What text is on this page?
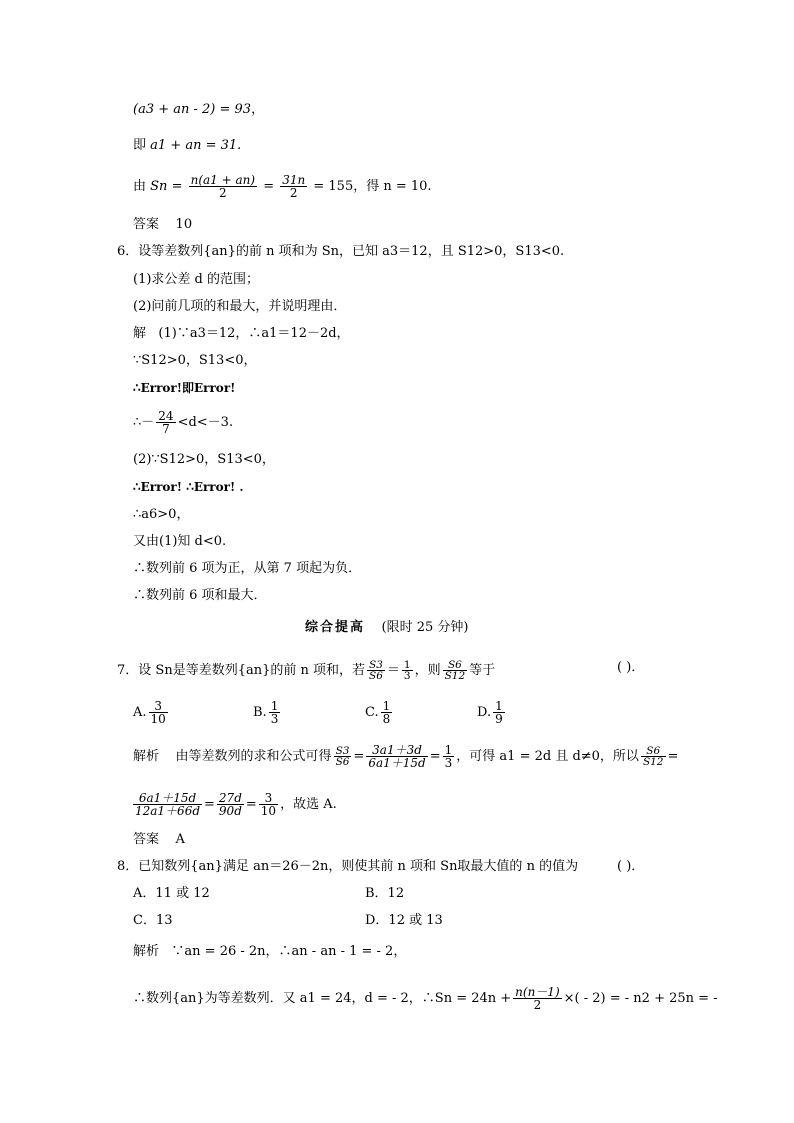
(a3 + an - 2) = 93，
即 a1 + an = 31.
由 $Sn = \frac{n(a1 + an)}{2} = \frac{31n}{2} = 155$，得 n = 10.
答案 10
6．设等差数列{an}的前 n 项和为 Sn，已知 a3＝12，且 S12>0，S13<0.
(1)求公差 d 的范围；
(2)问前几项的和最大，并说明理由．
解 (1)∵a3＝12，∴a1＝12－2d，
∵S12>0，S13<0，
∴Error!即Error!
∴－ $\frac{24}{7} <d<-3$.
(2)∵S12>0，S13<0，
∴Error! ∴Error! .
∴a6>0，
又由(1)知 d<0.
∴数列前 6 项为正，从第 7 项起为负．
∴数列前 6 项和最大．
综合提高 (限时 25 分钟)
7．设 Sn是等差数列{an}的前 n 项和，若 $\frac{S3}{S6} = \frac{1}{3}$ ，则 $\frac{S6}{S12}$ 等于	( )．
A. $\frac{3}{10}$	B. $\frac{1}{3}$	C. $\frac{1}{8}$	D. $\frac{1}{9}$
解析 由等差数列的求和公式可得 $\frac{S3}{S6} = \frac{3a1+3d}{6a1+15d} = \frac{1}{3}$ ，可得 a1 = 2d 且 d≠0，所以 $\frac{S6}{S12}$ =
$\frac{6a1+15d}{12a1+66d} = \frac{27d}{90d} = \frac{3}{10}$ ，故选 A.
答案 A
8．已知数列{an}满足 an＝26－2n，则使其前 n 项和 Sn取最大值的 n 的值为	( )．
A．11 或 12	B．12
C．13	D．12 或 13
解析 ∵an = 26 - 2n，∴an - an - 1 = - 2，
∴数列{an}为等差数列．又 a1 = 24，d = - 2，∴Sn = $24n + \frac{n(n-1)}{2}$ ×( - 2) = - n2 + 25n = -
